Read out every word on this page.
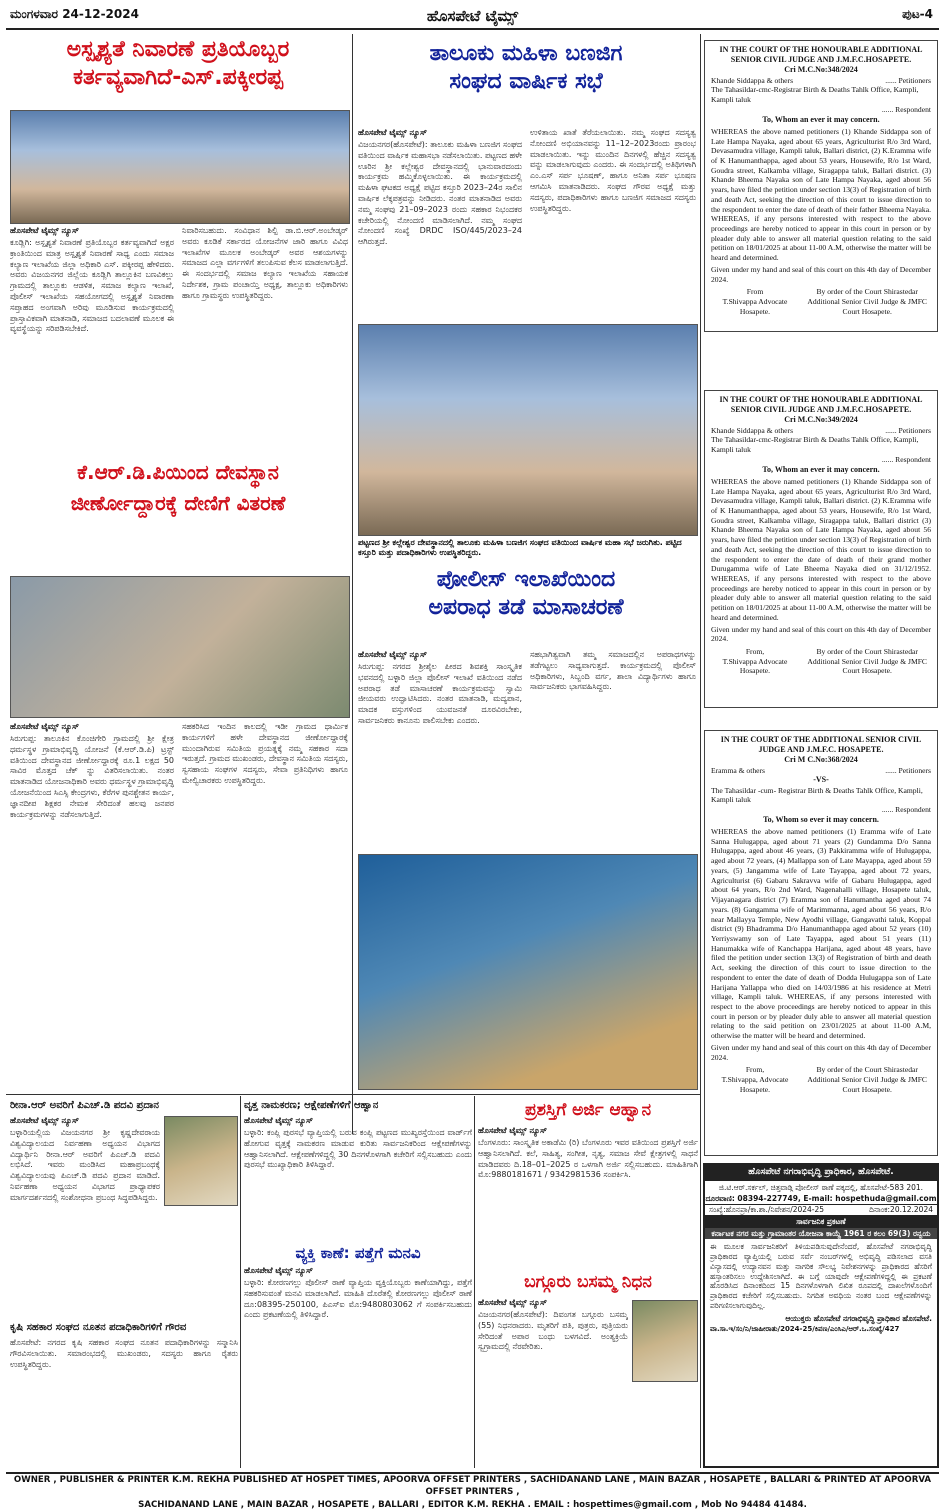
ಮಂಗಳವಾರ 24-12-2024	ಹೊಸಪೇಟೆ ಟೈಮ್ಸ್	ಪುಟ-4
ಅಸ್ಪೃಶ್ಯತೆ ನಿವಾರಣೆ ಪ್ರತಿಯೊಬ್ಬರ
ಕರ್ತವ್ಯವಾಗಿದೆ-ಎಸ್.ಪಕ್ಕೀರಪ್ಪ
ಹೊಸಪೇಟೆ ಟೈಮ್ಸ್ ನ್ಯೂಸ್
ಕೂಡ್ಲಿಗಿ: ಅಸ್ಪೃಶ್ಯತೆ ನಿವಾರಣೆ ಪ್ರತಿಯೊಬ್ಬರ ಕರ್ತವ್ಯವಾಗಿದೆ ಅಕ್ಷರ ಕ್ರಾಂತಿಯಿಂದ ಮಾತ್ರ ಅಸ್ಪೃಶ್ಯತೆ ನಿವಾರಣೆ ಸಾಧ್ಯ ಎಂದು ಸಮಾಜ ಕಲ್ಯಾಣ ಇಲಾಖೆಯ ಜಿಲ್ಲಾ ಅಧಿಕಾರಿ ಎಸ್. ಪಕ್ಕೀರಪ್ಪ ಹೇಳಿದರು. ಅವರು ವಿಜಯನಗರ ಜಿಲ್ಲೆಯ ಕೂಡ್ಲಿಗಿ ತಾಲ್ಲೂಕಿನ ಬಣವಿಕಲ್ಲು ಗ್ರಾಮದಲ್ಲಿ ತಾಲ್ಲೂಕು ಆಡಳಿತ, ಸಮಾಜ ಕಲ್ಯಾಣ ಇಲಾಖೆ, ಪೊಲೀಸ್ ಇಲಾಖೆಯ ಸಹಯೋಗದಲ್ಲಿ ಅಸ್ಪೃಶ್ಯತೆ ನಿವಾರಣಾ ಸಪ್ತಾಹದ ಅಂಗವಾಗಿ ಅರಿವು ಮೂಡಿಸುವ ಕಾರ್ಯಕ್ರಮದಲ್ಲಿ ಪ್ರಾಸ್ತಾವಿಕವಾಗಿ ಮಾತನಾಡಿ, ಸಮಾಜದ ಬದಲಾವಣೆ ಮೂಲಕ ಈ ವ್ಯವಸ್ಥೆಯನ್ನು ಸರಿಪಡಿಸಬೇಕಿದೆ.
ನಿವಾರಿಸಬಹುದು. ಸಂವಿಧಾನ ಶಿಲ್ಪಿ ಡಾ.ಬಿ.ಆರ್.ಅಂಬೇಡ್ಕರ್ ಅವರು ಕೂಡಿಕೆ ಸರ್ಕಾರದ ಯೋಜನೆಗಳ ಜಾರಿ ಹಾಗೂ ವಿವಿಧ ಇಲಾಖೆಗಳ ಮೂಲಕ ಅಂಬೇಡ್ಕರ್ ಅವರ ಆಶಯಗಳನ್ನು ಸಮಾಜದ ಎಲ್ಲಾ ವರ್ಗಗಳಿಗೆ ತಲುಪಿಸುವ ಕೆಲಸ ಮಾಡಲಾಗುತ್ತಿದೆ. ಈ ಸಂದರ್ಭದಲ್ಲಿ ಸಮಾಜ ಕಲ್ಯಾಣ ಇಲಾಖೆಯ ಸಹಾಯಕ ನಿರ್ದೇಶಕ, ಗ್ರಾಮ ಪಂಚಾಯ್ತಿ ಅಧ್ಯಕ್ಷ, ತಾಲ್ಲೂಕು ಅಧಿಕಾರಿಗಳು ಹಾಗೂ ಗ್ರಾಮಸ್ಥರು ಉಪಸ್ಥಿತರಿದ್ದರು.
ತಾಲೂಕು ಮಹಿಳಾ ಬಣಜಿಗ
ಸಂಘದ ವಾರ್ಷಿಕ ಸಭೆ
ಹೊಸಪೇಟೆ ಟೈಮ್ಸ್ ನ್ಯೂಸ್
ವಿಜಯನಗರ(ಹೊಸಪೇಟೆ): ತಾಲೂಕು ಮಹಿಳಾ ಬಣಜಿಗ ಸಂಘದ ವತಿಯಿಂದ ವಾರ್ಷಿಕ ಮಹಾಸಭಾ ನಡೆಸಲಾಯಿತು. ಪಟ್ಟಣದ ಹಳೇ ಊರಿನ ಶ್ರೀ ಕಲ್ಲೇಶ್ವರ ದೇವಸ್ಥಾನದಲ್ಲಿ ಭಾನುವಾರದಂದು ಕಾರ್ಯಕ್ರಮ ಹಮ್ಮಿಕೊಳ್ಳಲಾಯಿತು. ಈ ಕಾರ್ಯಕ್ರಮದಲ್ಲಿ ಮಹಿಳಾ ಘಟಕದ ಅಧ್ಯಕ್ಷೆ ಪಟ್ಟಿದ ಕಸ್ತೂರಿ 2023–24ರ ಸಾಲಿನ ವಾರ್ಷಿಕ ಲೆಕ್ಕಪತ್ರವನ್ನು ನೀಡಿದರು. ನಂತರ ಮಾತನಾಡಿದ ಅವರು ನಮ್ಮ ಸಂಘವು 21–09–2023 ರಂದು ಸಹಕಾರ ನಿಭಂದಕರ ಕಚೇರಿಯಲ್ಲಿ ನೋಂದಣಿ ಮಾಡಿಸಲಾಗಿದೆ. ನಮ್ಮ ಸಂಘದ ನೋಂದಣಿ ಸಂಖ್ಯೆ DRDC ISO/445/2023–24 ಆಗಿರುತ್ತದೆ.
ಉಳಿತಾಯ ಖಾತೆ ತೆರೆಯಲಾಯಿತು. ನಮ್ಮ ಸಂಘದ ಸದಸ್ಯತ್ವ ನೋಂದಣಿ ಅಭಿಯಾನವನ್ನು 11–12–2023ರಂದು ಪ್ರಾರಂಭ ಮಾಡಲಾಯಿತು. ಇನ್ನು ಮುಂದಿನ ದಿನಗಳಲ್ಲಿ ಹೆಚ್ಚಿನ ಸದಸ್ಯತ್ವ ವನ್ನು ಮಾಡಲಾಗುವುದು ಎಂದರು. ಈ ಸಂದರ್ಭದಲ್ಲಿ ಅತಿಥಿಗಳಾಗಿ ಎಂ.ಎಸ್ ಸರ್ಪ ಭೂಷಣ್, ಹಾಗೂ ಅನಿತಾ ಸರ್ಪ ಭೂಷಣ ಆಗಮಿಸಿ ಮಾತನಾಡಿದರು. ಸಂಘದ ಗೌರವ ಅಧ್ಯಕ್ಷೆ ಮತ್ತು ಸದಸ್ಯರು, ಪದಾಧಿಕಾರಿಗಳು ಹಾಗೂ ಬಣಜಿಗ ಸಮಾಜದ ಸದಸ್ಯರು ಉಪಸ್ಥಿತರಿದ್ದರು.
ಪಟ್ಟಣದ ಶ್ರೀ ಕಲ್ಲೇಶ್ವರ ದೇವಸ್ಥಾನದಲ್ಲಿ ತಾಲೂಕು ಮಹಿಳಾ ಬಣಜಿಗ ಸಂಘದ ವತಿಯಿಂದ ವಾರ್ಷಿಕ ಮಹಾ ಸಭೆ ಜರುಗಿತು. ಪಟ್ಟಿದ ಕಸ್ತೂರಿ ಮತ್ತು ಪದಾಧಿಕಾರಿಗಳು ಉಪಸ್ಥಿತರಿದ್ದರು.
ಕೆ.ಆರ್.ಡಿ.ಪಿಯಿಂದ ದೇವಸ್ಥಾನ
ಜೀರ್ಣೋದ್ದಾರಕ್ಕೆ ದೇಣಿಗೆ ವಿತರಣೆ
ಹೊಸಪೇಟೆ ಟೈಮ್ಸ್ ನ್ಯೂಸ್
ಸಿರುಗುಪ್ಪ: ತಾಲೂಕಿನ ಕೊಂಚಿಗೇರಿ ಗ್ರಾಮದಲ್ಲಿ ಶ್ರೀ ಕ್ಷೇತ್ರ ಧರ್ಮಸ್ಥಳ ಗ್ರಾಮಾಭಿವೃದ್ಧಿ ಯೋಜನೆ (ಕೆ.ಆರ್.ಡಿ.ಪಿ) ಟ್ರಸ್ಟ್ ವತಿಯಿಂದ ದೇವಸ್ಥಾನದ ಜೀರ್ಣೋದ್ದಾರಕ್ಕೆ ರೂ.1 ಲಕ್ಷದ 50 ಸಾವಿರ ಮೊತ್ತದ ಚೆಕ್ ನ್ನು ವಿತರಿಸಲಾಯಿತು. ನಂತರ ಮಾತನಾಡಿದ ಯೋಜನಾಧಿಕಾರಿ ಅವರು ಧರ್ಮಸ್ಥಳ ಗ್ರಾಮಾಭಿವೃದ್ಧಿ ಯೋಜನೆಯಿಂದ ಸಿಎಸ್ಸಿ ಕೇಂದ್ರಗಳು, ಕೆರೆಗಳ ಪುನಶ್ಚೇತನ ಕಾರ್ಯ, ಜ್ಞಾನದೀಪ ಶಿಕ್ಷಕರ ನೇಮಕ ಸೇರಿದಂತೆ ಹಲವು ಜನಪರ ಕಾರ್ಯಕ್ರಮಗಳನ್ನು ನಡೆಸಲಾಗುತ್ತಿದೆ.
ಸಹಕರಿಸಿದ ಇಂದಿನ ಕಾಲದಲ್ಲಿ ಇಡೀ ಗ್ರಾಮದ ಧಾರ್ಮಿಕ ಕಾರ್ಯಗಳಿಗೆ ಹಳೇ ದೇವಸ್ಥಾನದ ಜೀರ್ಣೋದ್ದಾರಕ್ಕೆ ಮುಂದಾಗಿರುವ ಸಮಿತಿಯ ಪ್ರಯತ್ನಕ್ಕೆ ನಮ್ಮ ಸಹಕಾರ ಸದಾ ಇರುತ್ತದೆ. ಗ್ರಾಮದ ಮುಖಂಡರು, ದೇವಸ್ಥಾನ ಸಮಿತಿಯ ಸದಸ್ಯರು, ಸ್ವಸಹಾಯ ಸಂಘಗಳ ಸದಸ್ಯರು, ಸೇವಾ ಪ್ರತಿನಿಧಿಗಳು ಹಾಗೂ ಮೇಲ್ವಿಚಾರಕರು ಉಪಸ್ಥಿತರಿದ್ದರು.
ಪೋಲೀಸ್ ಇಲಾಖೆಯಿಂದ
ಅಪರಾಧ ತಡೆ ಮಾಸಾಚರಣೆ
ಹೊಸಪೇಟೆ ಟೈಮ್ಸ್ ನ್ಯೂಸ್
ಸಿರುಗುಪ್ಪ: ನಗರದ ಶ್ರೀಶೈಲ ಪೀಠದ ಶಿವಶಕ್ತಿ ಸಾಂಸ್ಕೃತಿಕ ಭವನದಲ್ಲಿ ಬಳ್ಳಾರಿ ಜಿಲ್ಲಾ ಪೊಲೀಸ್ ಇಲಾಖೆ ವತಿಯಿಂದ ನಡೆದ ಅಪರಾಧ ತಡೆ ಮಾಸಾಚರಣೆ ಕಾರ್ಯಕ್ರಮವನ್ನು ಸ್ವಾಮಿ ಜೀಯವರು ಉದ್ಘಾಟಿಸಿದರು. ನಂತರ ಮಾತನಾಡಿ, ಮದ್ಯಪಾನ, ಮಾದಕ ವಸ್ತುಗಳಿಂದ ಯುವಜನತೆ ದೂರವಿರಬೇಕು, ಸಾರ್ವಜನಿಕರು ಕಾನೂನು ಪಾಲಿಸಬೇಕು ಎಂದರು.
ಸಹಭಾಗಿತ್ವವಾಗಿ ತಮ್ಮ ಸಮಾಜದಲ್ಲಿನ ಅಪರಾಧಗಳನ್ನು ತಡೆಗಟ್ಟಲು ಸಾಧ್ಯವಾಗುತ್ತದೆ. ಕಾರ್ಯಕ್ರಮದಲ್ಲಿ ಪೊಲೀಸ್ ಅಧಿಕಾರಿಗಳು, ಸಿಬ್ಬಂದಿ ವರ್ಗ, ಶಾಲಾ ವಿದ್ಯಾರ್ಥಿಗಳು ಹಾಗೂ ಸಾರ್ವಜನಿಕರು ಭಾಗವಹಿಸಿದ್ದರು.
ರೀನಾ.ಆರ್ ಅವರಿಗೆ ಪಿಎಚ್.ಡಿ ಪದವಿ ಪ್ರದಾನ
ಹೊಸಪೇಟೆ ಟೈಮ್ಸ್ ನ್ಯೂಸ್
ಬಳ್ಳಾರಿಯಲ್ಲಿಯ ವಿಜಯನಗರ ಶ್ರೀ ಕೃಷ್ಣದೇವರಾಯ ವಿಶ್ವವಿದ್ಯಾಲಯದ ನಿರ್ವಹಣಾ ಅಧ್ಯಯನ ವಿಭಾಗದ ವಿದ್ಯಾರ್ಥಿನಿ ರೀನಾ.ಆರ್ ಅವರಿಗೆ ಪಿಎಚ್.ಡಿ ಪದವಿ ಲಭಿಸಿದೆ. ಇವರು ಮಂಡಿಸಿದ ಮಹಾಪ್ರಬಂಧಕ್ಕೆ ವಿಶ್ವವಿದ್ಯಾಲಯವು ಪಿಎಚ್.ಡಿ ಪದವಿ ಪ್ರದಾನ ಮಾಡಿದೆ. ನಿರ್ವಹಣಾ ಅಧ್ಯಯನ ವಿಭಾಗದ ಪ್ರಾಧ್ಯಾಪಕರ ಮಾರ್ಗದರ್ಶನದಲ್ಲಿ ಸಂಶೋಧನಾ ಪ್ರಬಂಧ ಸಿದ್ಧಪಡಿಸಿದ್ದರು.
ಕೃಷಿ ಸಹಕಾರ ಸಂಘದ ನೂತನ ಪದಾಧಿಕಾರಿಗಳಿಗೆ ಗೌರವ
ಹೊಸಪೇಟೆ: ನಗರದ ಕೃಷಿ ಸಹಕಾರ ಸಂಘದ ನೂತನ ಪದಾಧಿಕಾರಿಗಳನ್ನು ಸನ್ಮಾನಿಸಿ ಗೌರವಿಸಲಾಯಿತು. ಸಮಾರಂಭದಲ್ಲಿ ಮುಖಂಡರು, ಸದಸ್ಯರು ಹಾಗೂ ರೈತರು ಉಪಸ್ಥಿತರಿದ್ದರು.
ವೃತ್ತ ನಾಮಕರಣ; ಆಕ್ಷೇಪಣೆಗಳಿಗೆ ಆಹ್ವಾನ
ಹೊಸಪೇಟೆ ಟೈಮ್ಸ್ ನ್ಯೂಸ್
ಬಳ್ಳಾರಿ: ಕಂಪ್ಲಿ ಪುರಸಭೆ ವ್ಯಾಪ್ತಿಯಲ್ಲಿ ಬರುವ ಕಂಪ್ಲಿ ಪಟ್ಟಣದ ಮುಖ್ಯರಸ್ತೆಯಿಂದ ವಾರ್ಡ್‌ಗೆ ಹೋಗುವ ವೃತ್ತಕ್ಕೆ ನಾಮಕರಣ ಮಾಡುವ ಕುರಿತು ಸಾರ್ವಜನಿಕರಿಂದ ಆಕ್ಷೇಪಣೆಗಳನ್ನು ಆಹ್ವಾನಿಸಲಾಗಿದೆ. ಆಕ್ಷೇಪಣೆಗಳಿದ್ದಲ್ಲಿ 30 ದಿನಗಳೊಳಗಾಗಿ ಕಚೇರಿಗೆ ಸಲ್ಲಿಸಬಹುದು ಎಂದು ಪುರಸಭೆ ಮುಖ್ಯಾಧಿಕಾರಿ ತಿಳಿಸಿದ್ದಾರೆ.
ವ್ಯಕ್ತಿ ಕಾಣೆ: ಪತ್ತೆಗೆ ಮನವಿ
ಹೊಸಪೇಟೆ ಟೈಮ್ಸ್ ನ್ಯೂಸ್
ಬಳ್ಳಾರಿ: ಕೋರಣಗಲ್ಲು ಪೊಲೀಸ್ ಠಾಣೆ ವ್ಯಾಪ್ತಿಯ ವ್ಯಕ್ತಿಯೊಬ್ಬರು ಕಾಣೆಯಾಗಿದ್ದು, ಪತ್ತೆಗೆ ಸಹಕರಿಸುವಂತೆ ಮನವಿ ಮಾಡಲಾಗಿದೆ. ಮಾಹಿತಿ ದೊರೆತಲ್ಲಿ ಕೋರಣಗಲ್ಲು ಪೊಲೀಸ್ ಠಾಣೆ ದೂ:08395-250100, ಪಿಎಸ್‌ಐ ಮೊ:9480803062 ಗೆ ಸಂಪರ್ಕಿಸಬಹುದು ಎಂದು ಪ್ರಕಟಣೆಯಲ್ಲಿ ತಿಳಿಸಿದ್ದಾರೆ.
ಪ್ರಶಸ್ತಿಗೆ ಅರ್ಜಿ ಆಹ್ವಾನ
ಹೊಸಪೇಟೆ ಟೈಮ್ಸ್ ನ್ಯೂಸ್
ಬೆಂಗಳೂರು: ಸಾಂಸ್ಕೃತಿಕ ಅಕಾಡೆಮಿ (ರಿ) ಬೆಂಗಳೂರು ಇವರ ವತಿಯಿಂದ ಪ್ರಶಸ್ತಿಗೆ ಅರ್ಜಿ ಆಹ್ವಾನಿಸಲಾಗಿದೆ. ಕಲೆ, ಸಾಹಿತ್ಯ, ಸಂಗೀತ, ನೃತ್ಯ, ಸಮಾಜ ಸೇವೆ ಕ್ಷೇತ್ರಗಳಲ್ಲಿ ಸಾಧನೆ ಮಾಡಿದವರು ದಿ.18–01–2025 ರ ಒಳಗಾಗಿ ಅರ್ಜಿ ಸಲ್ಲಿಸಬಹುದು. ಮಾಹಿತಿಗಾಗಿ ಮೊ:9880181671 / 9342981536 ಸಂಪರ್ಕಿಸಿ.
ಬಗ್ಗೂರು ಬಸಮ್ಮ ನಿಧನ
ಹೊಸಪೇಟೆ ಟೈಮ್ಸ್ ನ್ಯೂಸ್
ವಿಜಯನಗರ(ಹೊಸಪೇಟೆ): ದಿವಂಗತ ಬಗ್ಗೂರು ಬಸಮ್ಮ (55) ನಿಧನರಾದರು. ಮೃತರಿಗೆ ಪತಿ, ಪುತ್ರರು, ಪುತ್ರಿಯರು ಸೇರಿದಂತೆ ಅಪಾರ ಬಂಧು ಬಳಗವಿದೆ. ಅಂತ್ಯಕ್ರಿಯೆ ಸ್ವಗ್ರಾಮದಲ್ಲಿ ನೆರವೇರಿತು.
IN THE COURT OF THE HONOURABLE ADDITIONAL SENIOR CIVIL JUDGE AND J.M.F.C.HOSAPETE.
Cri M.C.No:348/2024
Khande Siddappa & others	...... Petitioners
The Tahasildar-cmc-Registrar Birth & Deaths Tahlk Office, Kampli, Kampli taluk
...... Respondent
To, Whom an ever it may concern.
WHEREAS the above named petitioners (1) Khande Siddappa son of Late Hampa Nayaka, aged about 65 years, Agriculturist R/o 3rd Ward, Devasamudra village, Kampli taluk, Ballari district, (2) K.Eramma wife of K Hanumanthappa, aged about 53 years, Housewife, R/o 1st Ward, Goudra street, Kalkamba village, Siragappa taluk, Ballari district. (3) Khande Bheema Nayaka son of Late Hampa Nayaka, aged about 56 years, have filed the petition under section 13(3) of Registration of birth and death Act, seeking the direction of this court to issue direction to the respondent to enter the date of death of their father Bheema Nayaka. WHEREAS, if any persons interested with respect to the above proceedings are hereby noticed to appear in this court in person or by pleader duly able to answer all material question relating to the said petition on 18/01/2025 at about 11-00 A.M, otherwise the matter will be heard and determined.
Given under my hand and seal of this court on this 4th day of December 2024.
From
T.Shivappa Advocate Hosapete.
By order of the Court Shirastedar Additional Senior Civil Judge & JMFC Court Hosapete.
IN THE COURT OF THE HONOURABLE ADDITIONAL SENIOR CIVIL JUDGE AND J.M.F.C.HOSAPETE.
Cri M.C.No:349/2024
Khande Siddappa & others	...... Petitioners
The Tahasildar-cmc-Registrar Birth & Deaths Tahlk Office, Kampli, Kampli taluk
...... Respondent
To, Whom an ever it may concern.
WHEREAS the above named petitioners (1) Khande Siddappa son of Late Hampa Nayaka, aged about 65 years, Agriculturist R/o 3rd Ward, Devasamudra village, Kampli taluk, Ballari district. (2) K.Eramma wife of K Hanumanthappa, aged about 53 years, Housewife, R/o 1st Ward, Goudra street, Kalkamba village, Siragappa taluk, Ballari district (3) Khande Bheema Nayaka son of Late Hampa Nayaka, aged about 56 years, have filed the petition under section 13(3) of Registration of birth and death Act, seeking the direction of this court to issue direction to the respondent to enter the date of death of their grand mother Durugamma wife of Late Bheema Nayaka died on 31/12/1952. WHEREAS, if any persons interested with respect to the above proceedings are hereby noticed to appear in this court in person or by pleader duly able to answer all material question relating to the said petition on 18/01/2025 at about 11-00 A.M, otherwise the matter will be heard and determined.
Given under my hand and seal of this court on this 4th day of December 2024.
From,
T.Shivappa Advocate Hosapete.
By order of the Court Shirastedar Additional Senior Civil Judge & JMFC Court Hosapete.
IN THE COURT OF THE ADDITIONAL SENIOR CIVIL JUDGE AND J.M.F.C. HOSAPETE.
Cri M C.No:368/2024
Eramma & others	...... Petitioners
-VS-
The Tahasildar -cum- Registrar Birth & Deaths Tahlk Office, Kampli, Kampli taluk
...... Respondent
To, Whom so ever it may concern.
WHEREAS the above named petitioners (1) Eramma wife of Late Sanna Hulugappa, aged about 71 years (2) Gundamma D/o Sanna Hulugappa, aged about 46 years, (3) Pakkiramma wife of Hulugappa, aged about 72 years, (4) Mallappa son of Late Mayappa, aged about 59 years, (5) Jangamma wife of Late Tayappa, aged about 72 years, Agriculturist (6) Gabaru Sakravva wife of Gabaru Hulugappa, aged about 64 years, R/o 2nd Ward, Nagenahalli village, Hosapete taluk, Vijayanagara district (7) Eramma son of Hanumantha aged about 74 years. (8) Gangamma wife of Marimmanna, aged about 56 years, R/o near Mallayya Temple, New Ayodhi village, Gangavathi taluk, Koppal district (9) Bhadramma D/o Hanumanthappa aged about 52 years (10) Yerriyswamy son of Late Tayappa, aged about 51 years (11) Hanumakka wife of Kanchappa Harijana, aged about 48 years, have filed the petition under section 13(3) of Registration of birth and death Act, seeking the direction of this court to issue direction to the respondent to enter the date of death of Dodda Hulugappa son of Late Harijana Yallappa who died on 14/03/1986 at his residence at Metri village, Kampli taluk. WHEREAS, if any persons interested with respect to the above proceedings are hereby noticed to appear in this court in person or by pleader duly able to answer all material question relating to the said petition on 23/01/2025 at about 11-00 A.M, otherwise the matter will be heard and determined.
Given under my hand and seal of this court on this 4th day of December 2024.
From,
T.Shivappa, Advocate Hosapete.
By order of the Court Shirastedar Additional Senior Civil Judge & JMFC Court Hosapete.
ಹೊಸಪೇಟೆ ನಗರಾಭಿವೃದ್ಧಿ ಪ್ರಾಧಿಕಾರ, ಹೊಸಪೇಟೆ.
ಜಿ.ಟಿ.ಆರ್.ಸರ್ಕಲ್, ಚಿತ್ತವಾಡ್ಗಿ ಪೋಲೀಸ್ ಠಾಣೆ ಪಕ್ಕದಲ್ಲಿ, ಹೊಸಪೇಟೆ-583 201.
ದೂರವಾಣಿ: 08394-227749, E-mail: hospethuda@gmail.com
ಸಂಖ್ಯೆ:ಹೊನಪ್ರಾ/ಕಾ.ಶಾ./ನಿವೇಶನ/2024-25	ದಿನಾಂಕ:20.12.2024
ಸಾರ್ವಜನಿಕ ಪ್ರಕಟಣೆ
ಕರ್ನಾಟಕ ನಗರ ಮತ್ತು ಗ್ರಾಮಾಂತರ ಯೋಜನಾ ಕಾಯ್ದೆ 1961 ರ ಕಲಂ 69(3) ರನ್ವಯ
ಈ ಮೂಲಕ ಸಾರ್ವಜನಿಕರಿಗೆ ತಿಳಿಯಪಡಿಸುವುದೇನೆಂದರೆ, ಹೊಸಪೇಟೆ ನಗರಾಭಿವೃದ್ಧಿ ಪ್ರಾಧಿಕಾರದ ವ್ಯಾಪ್ತಿಯಲ್ಲಿ ಬರುವ ಸರ್ವೆ ನಂಬರ್‌ಗಳಲ್ಲಿ ಅಭಿವೃದ್ಧಿ ಪಡಿಸಲಾದ ವಸತಿ ವಿನ್ಯಾಸದಲ್ಲಿ ಉದ್ಯಾನವನ ಮತ್ತು ನಾಗರಿಕ ಸೌಲಭ್ಯ ನಿವೇಶನಗಳನ್ನು ಪ್ರಾಧಿಕಾರದ ಹೆಸರಿಗೆ ಹಸ್ತಾಂತರಿಸಲು ಉದ್ದೇಶಿಸಲಾಗಿದೆ. ಈ ಬಗ್ಗೆ ಯಾವುದೇ ಆಕ್ಷೇಪಣೆಗಳಿದ್ದಲ್ಲಿ ಈ ಪ್ರಕಟಣೆ ಹೊರಡಿಸಿದ ದಿನಾಂಕದಿಂದ 15 ದಿನಗಳೊಳಗಾಗಿ ಲಿಖಿತ ರೂಪದಲ್ಲಿ ದಾಖಲೆಗಳೊಂದಿಗೆ ಪ್ರಾಧಿಕಾರದ ಕಚೇರಿಗೆ ಸಲ್ಲಿಸಬಹುದು. ನಿಗದಿತ ಅವಧಿಯ ನಂತರ ಬಂದ ಆಕ್ಷೇಪಣೆಗಳನ್ನು ಪರಿಗಣಿಸಲಾಗುವುದಿಲ್ಲ.
ಆಯುಕ್ತರು ಹೊಸಪೇಟೆ ನಗರಾಭಿವೃದ್ಧಿ ಪ್ರಾಧಿಕಾರ ಹೊಸಪೇಟೆ.
ವಾ.ಸಾ.ಇ/ಸಂ/ನಿ/ಜಾಹೀರಾತು/2024-25/ಕಿಪಣ/ಎಂಸಿಎ/ಆರ್.ಒ.ಸಂಖ್ಯೆ/427
OWNER , PUBLISHER & PRINTER K.M. REKHA PUBLISHED AT HOSPET TIMES, APOORVA OFFSET PRINTERS , SACHIDANAND LANE , MAIN BAZAR , HOSAPETE , BALLARI & PRINTED AT APOORVA OFFSET PRINTERS ,
SACHIDANAND LANE , MAIN BAZAR , HOSAPETE , BALLARI , EDITOR K.M. REKHA . EMAIL : hospettimes@gmail.com , Mob No 94484 41484.
